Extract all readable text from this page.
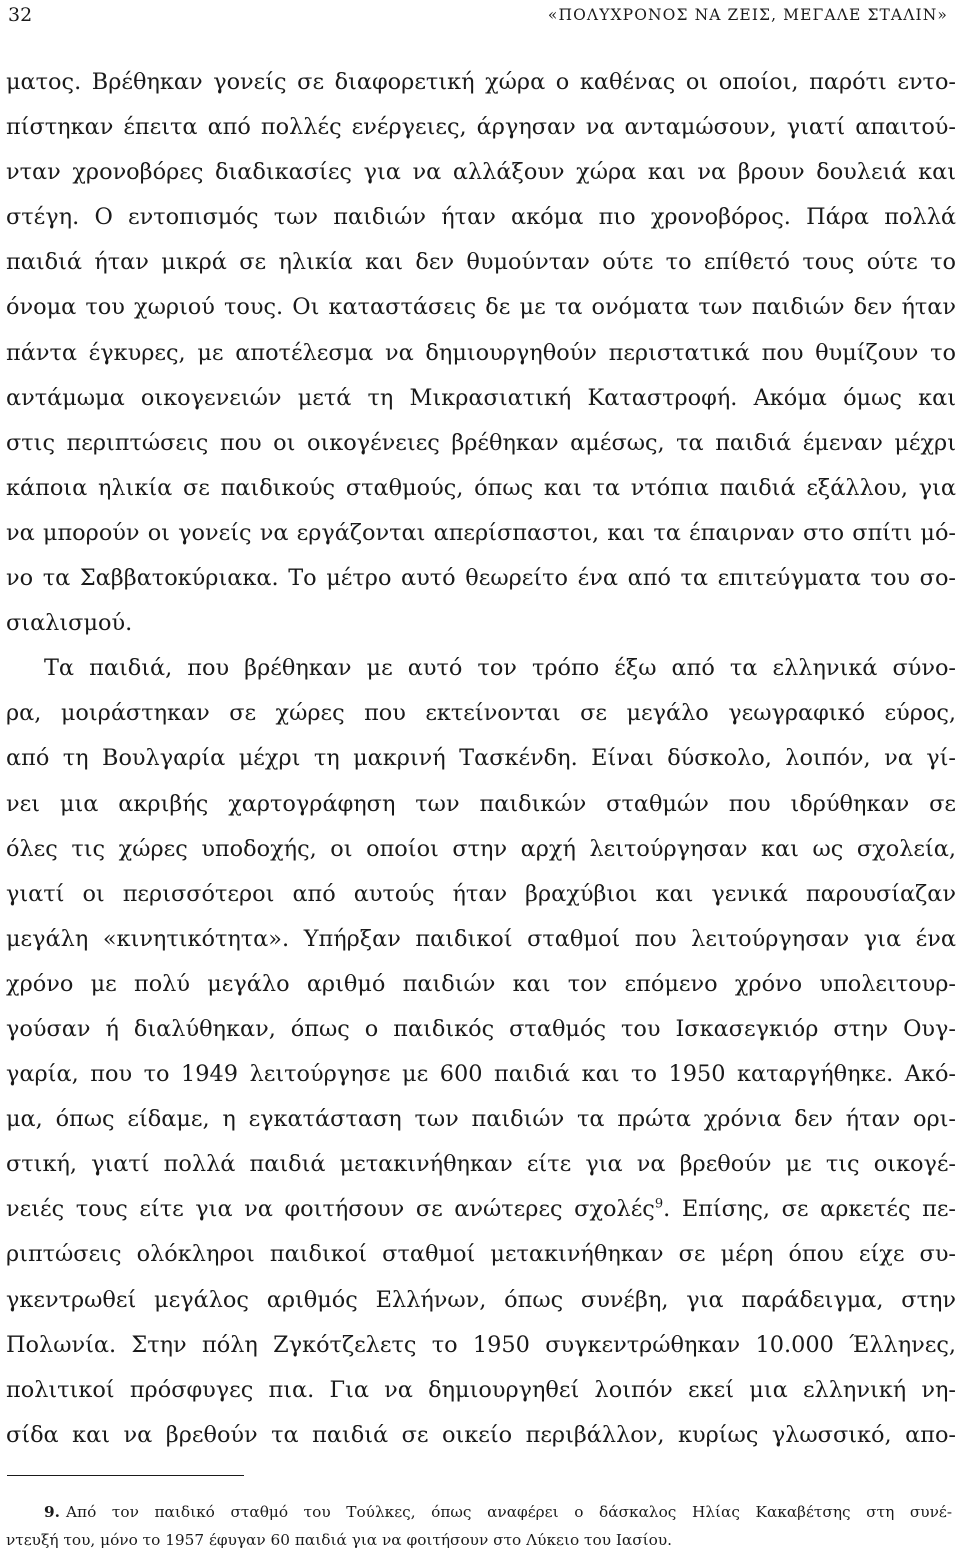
32	«ΠΟΛΥΧΡΟΝΟΣ ΝΑ ΖΕΙΣ, ΜΕΓΑΛΕ ΣΤΑΛΙΝ»
ματος. Βρέθηκαν γονείς σε διαφορετική χώρα ο καθένας οι οποίοι, παρότι εντο-
πίστηκαν έπειτα από πολλές ενέργειες, άργησαν να ανταμώσουν, γιατί απαιτού-
νταν χρονοβόρες διαδικασίες για να αλλάξουν χώρα και να βρουν δουλειά και
στέγη. Ο εντοπισμός των παιδιών ήταν ακόμα πιο χρονοβόρος. Πάρα πολλά
παιδιά ήταν μικρά σε ηλικία και δεν θυμούνταν ούτε το επίθετό τους ούτε το
όνομα του χωριού τους. Οι καταστάσεις δε με τα ονόματα των παιδιών δεν ήταν
πάντα έγκυρες, με αποτέλεσμα να δημιουργηθούν περιστατικά που θυμίζουν το
αντάμωμα οικογενειών μετά τη Μικρασιατική Καταστροφή. Ακόμα όμως και
στις περιπτώσεις που οι οικογένειες βρέθηκαν αμέσως, τα παιδιά έμεναν μέχρι
κάποια ηλικία σε παιδικούς σταθμούς, όπως και τα ντόπια παιδιά εξάλλου, για
να μπορούν οι γονείς να εργάζονται απερίσπαστοι, και τα έπαιρναν στο σπίτι μό-
νο τα Σαββατοκύριακα. Το μέτρο αυτό θεωρείτο ένα από τα επιτεύγματα του σο-
σιαλισμού.
Τα παιδιά, που βρέθηκαν με αυτό τον τρόπο έξω από τα ελληνικά σύνο-
ρα, μοιράστηκαν σε χώρες που εκτείνονται σε μεγάλο γεωγραφικό εύρος,
από τη Βουλγαρία μέχρι τη μακρινή Τασκένδη. Είναι δύσκολο, λοιπόν, να γί-
νει μια ακριβής χαρτογράφηση των παιδικών σταθμών που ιδρύθηκαν σε
όλες τις χώρες υποδοχής, οι οποίοι στην αρχή λειτούργησαν και ως σχολεία,
γιατί οι περισσότεροι από αυτούς ήταν βραχύβιοι και γενικά παρουσίαζαν
μεγάλη «κινητικότητα». Υπήρξαν παιδικοί σταθμοί που λειτούργησαν για ένα
χρόνο με πολύ μεγάλο αριθμό παιδιών και τον επόμενο χρόνο υπολειτουρ-
γούσαν ή διαλύθηκαν, όπως ο παιδικός σταθμός του Ισκασεγκιόρ στην Ουγ-
γαρία, που το 1949 λειτούργησε με 600 παιδιά και το 1950 καταργήθηκε. Ακό-
μα, όπως είδαμε, η εγκατάσταση των παιδιών τα πρώτα χρόνια δεν ήταν ορι-
στική, γιατί πολλά παιδιά μετακινήθηκαν είτε για να βρεθούν με τις οικογέ-
νειές τους είτε για να φοιτήσουν σε ανώτερες σχολές$^9$. Επίσης, σε αρκετές πε-
ριπτώσεις ολόκληροι παιδικοί σταθμοί μετακινήθηκαν σε μέρη όπου είχε συ-
γκεντρωθεί μεγάλος αριθμός Ελλήνων, όπως συνέβη, για παράδειγμα, στην
Πολωνία. Στην πόλη Ζγκότζελετς το 1950 συγκεντρώθηκαν 10.000 Έλληνες,
πολιτικοί πρόσφυγες πια. Για να δημιουργηθεί λοιπόν εκεί μια ελληνική νη-
σίδα και να βρεθούν τα παιδιά σε οικείο περιβάλλον, κυρίως γλωσσικό, απο-
9. Από τον παιδικό σταθμό του Τούλκες, όπως αναφέρει ο δάσκαλος Ηλίας Κακαβέτσης στη συνέ-
ντευξή του, μόνο το 1957 έφυγαν 60 παιδιά για να φοιτήσουν στο Λύκειο του Ιασίου.
